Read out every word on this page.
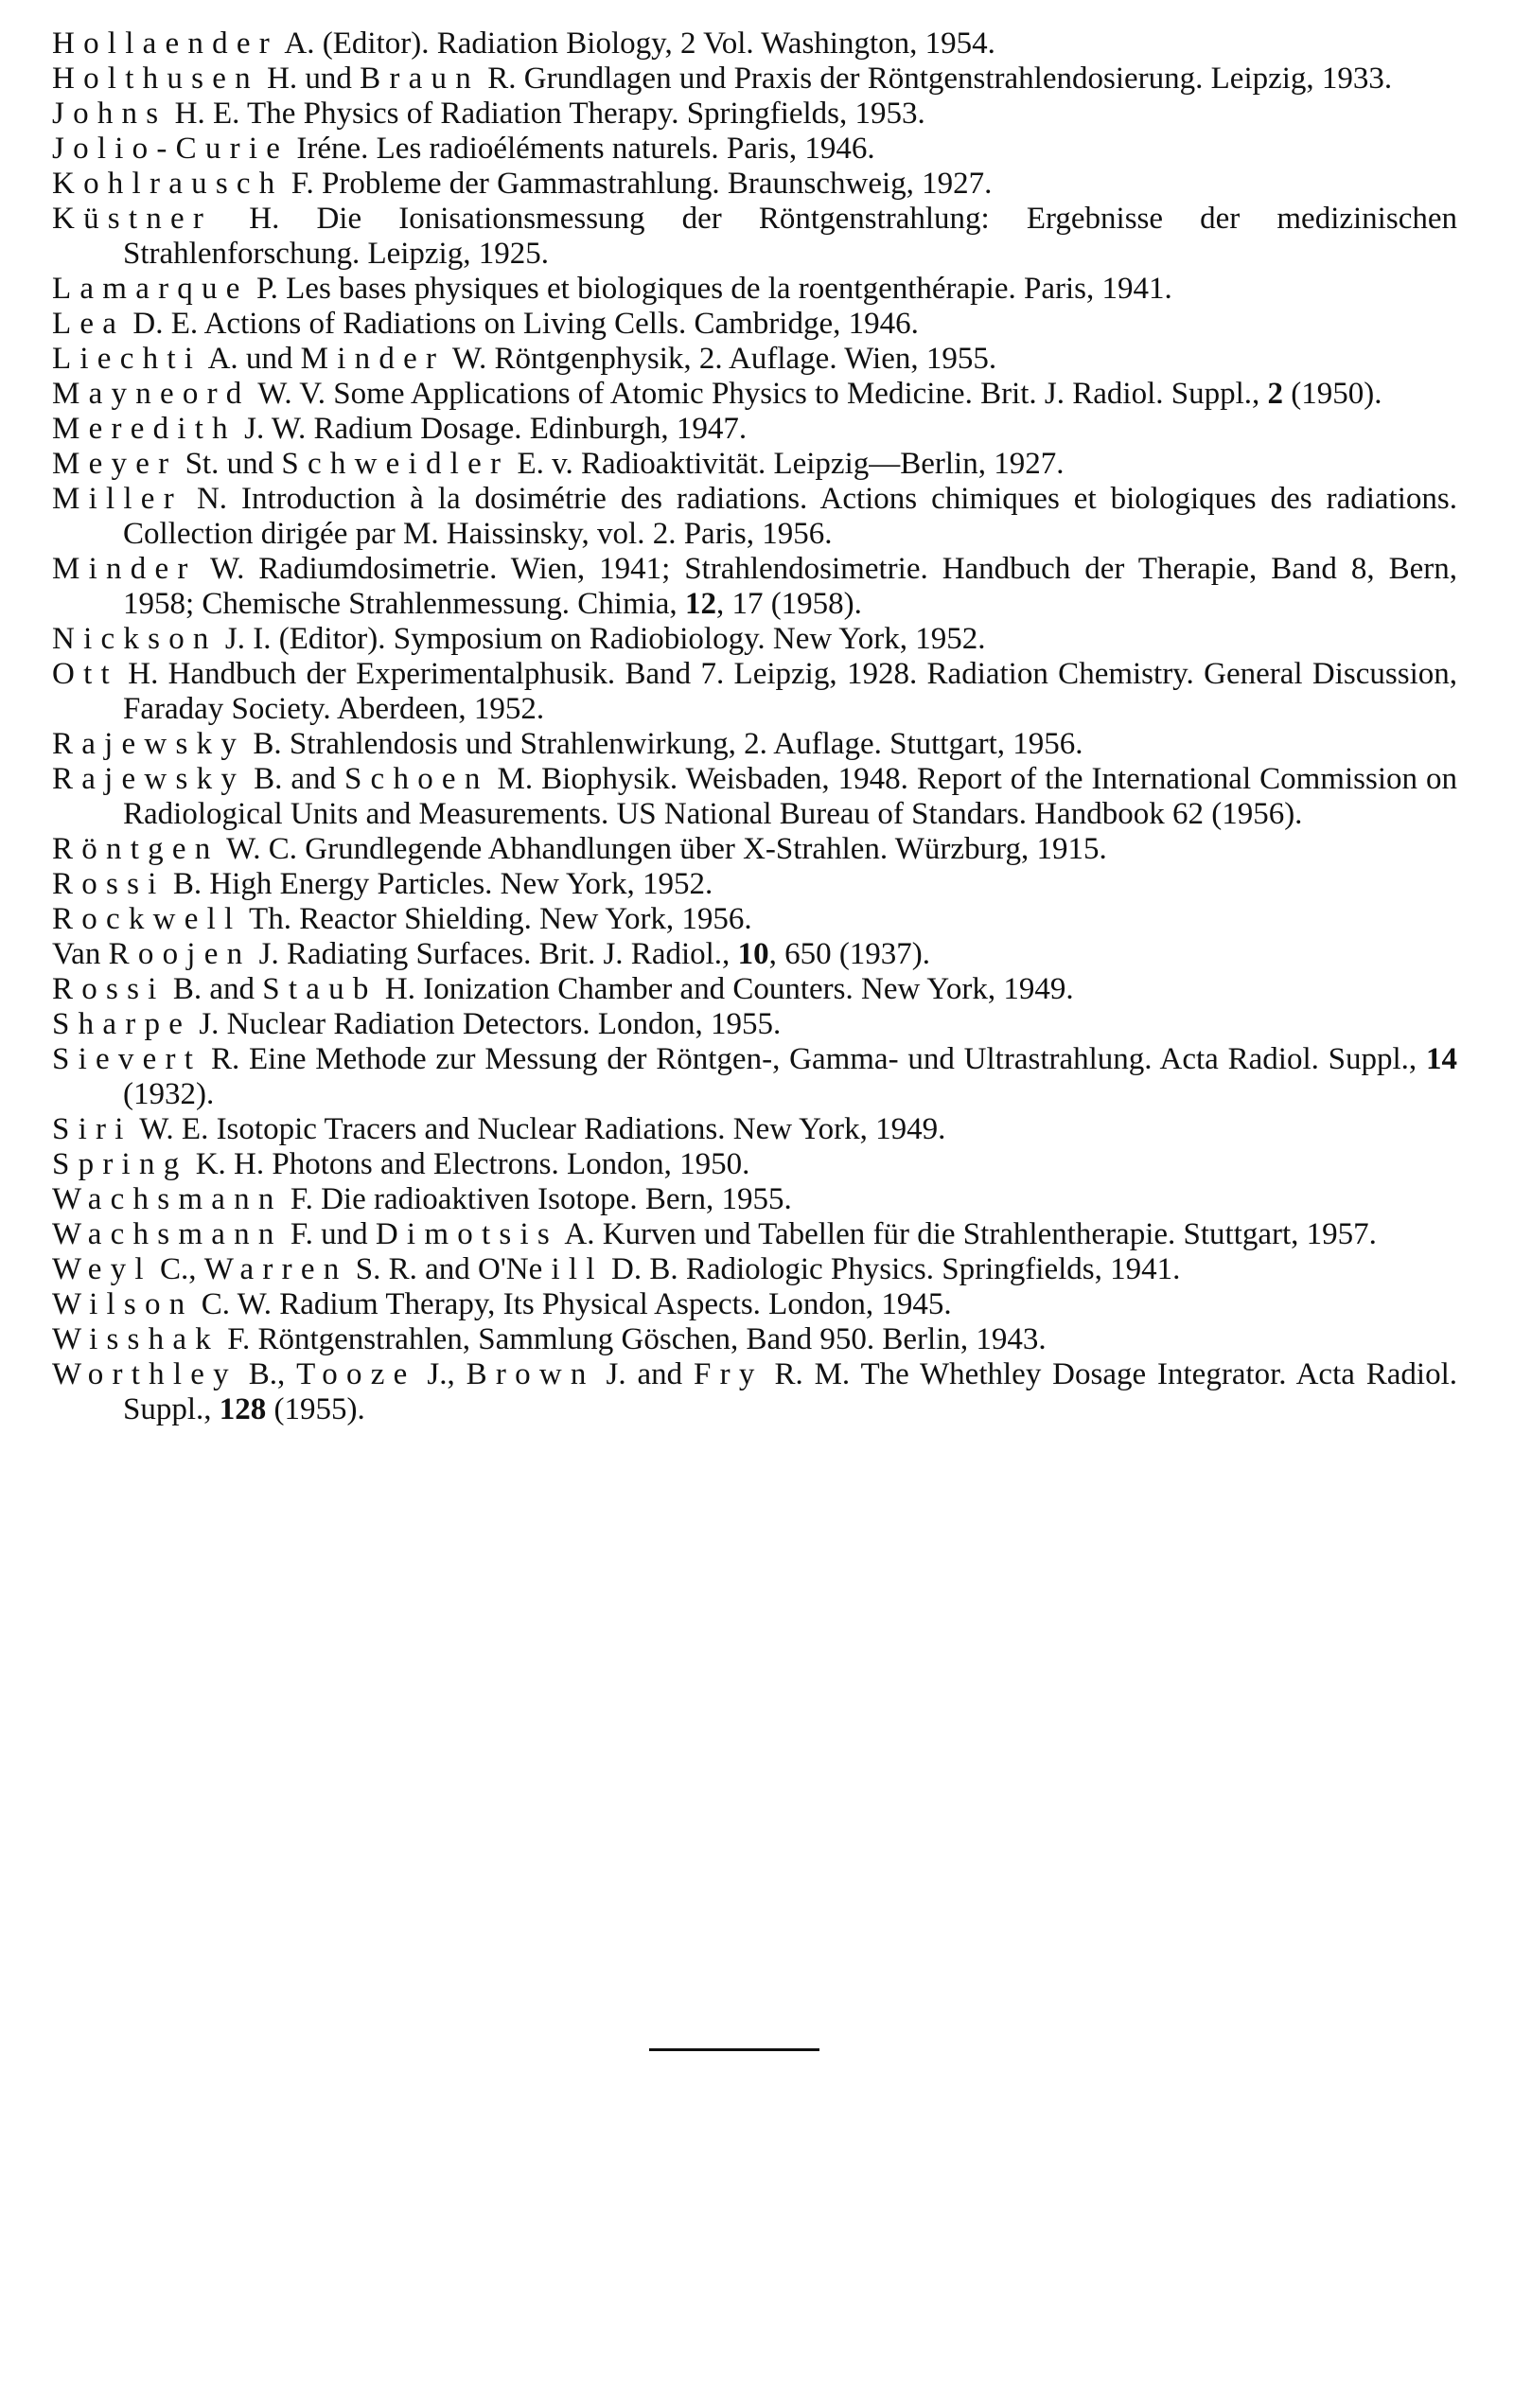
Hollaender A. (Editor). Radiation Biology, 2 Vol. Washington, 1954.
Holthusen H. und Braun R. Grundlagen und Praxis der Röntgenstrahlendosierung. Leipzig, 1933.
Johns H. E. The Physics of Radiation Therapy. Springfields, 1953.
Jolio-Curie Iréne. Les radioéléments naturels. Paris, 1946.
Kohlrausch F. Probleme der Gammastrahlung. Braunschweig, 1927.
Küstner H. Die Ionisationsmessung der Röntgenstrahlung: Ergebnisse der medizinischen Strahlenforschung. Leipzig, 1925.
Lamarque P. Les bases physiques et biologiques de la roentgenthérapie. Paris, 1941.
Lea D. E. Actions of Radiations on Living Cells. Cambridge, 1946.
Liechti A. und Minder W. Röntgenphysik, 2. Auflage. Wien, 1955.
Mayneord W. V. Some Applications of Atomic Physics to Medicine. Brit. J. Radiol. Suppl., 2 (1950).
Meredith J. W. Radium Dosage. Edinburgh, 1947.
Meyer St. und Schweidler E. v. Radioaktivität. Leipzig—Berlin, 1927.
Miller N. Introduction à la dosimétrie des radiations. Actions chimiques et biologiques des radiations. Collection dirigée par M. Haissinsky, vol. 2. Paris, 1956.
Minder W. Radiumdosimetrie. Wien, 1941; Strahlendosimetrie. Handbuch der Therapie, Band 8, Bern, 1958; Chemische Strahlenmessung. Chimia, 12, 17 (1958).
Nickson J. I. (Editor). Symposium on Radiobiology. New York, 1952.
Ott H. Handbuch der Experimentalphusik. Band 7. Leipzig, 1928. Radiation Chemistry. General Discussion, Faraday Society. Aberdeen, 1952.
Rajewsky B. Strahlendosis und Strahlenwirkung, 2. Auflage. Stuttgart, 1956.
Rajewsky B. and Schoen M. Biophysik. Weisbaden, 1948. Report of the International Commission on Radiological Units and Measurements. US National Bureau of Standars. Handbook 62 (1956).
Röntgen W. C. Grundlegende Abhandlungen über X-Strahlen. Würzburg, 1915.
Rossi B. High Energy Particles. New York, 1952.
Rockwell Th. Reactor Shielding. New York, 1956.
Van Roojen J. Radiating Surfaces. Brit. J. Radiol., 10, 650 (1937).
Rossi B. and Staub H. Ionization Chamber and Counters. New York, 1949.
Sharpe J. Nuclear Radiation Detectors. London, 1955.
Sievert R. Eine Methode zur Messung der Röntgen-, Gamma- und Ultrastrahlung. Acta Radiol. Suppl., 14 (1932).
Siri W. E. Isotopic Tracers and Nuclear Radiations. New York, 1949.
Spring K. H. Photons and Electrons. London, 1950.
Wachsmann F. Die radioaktiven Isotope. Bern, 1955.
Wachsmann F. und Dimotsis A. Kurven und Tabellen für die Strahlentherapie. Stuttgart, 1957.
Weyl C., Warren S. R. and O'Neill D. B. Radiologic Physics. Springfields, 1941.
Wilson C. W. Radium Therapy, Its Physical Aspects. London, 1945.
Wisshak F. Röntgenstrahlen, Sammlung Göschen, Band 950. Berlin, 1943.
Worthley B., Tooze J., Brown J. and Fry R. M. The Whethley Dosage Integrator. Acta Radiol. Suppl., 128 (1955).
